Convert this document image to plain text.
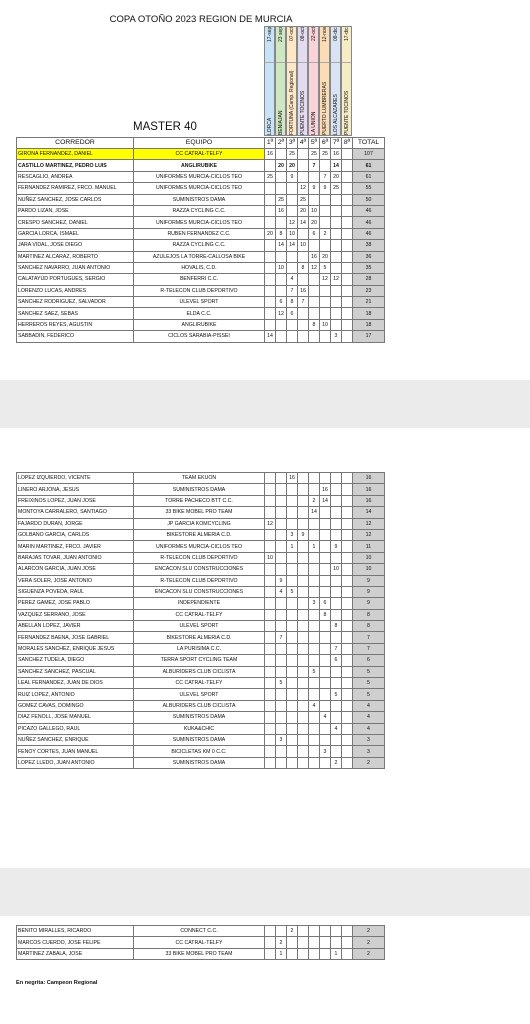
COPA OTOÑO 2023 REGION DE MURCIA
17-sep
LORCA
23 sep
BENIAJAN
07-oct
FORTUNA (Camp. Regional)
08-oct
PUENTE TOCINOS
22-oct
LA UNION
12-nov
PUERTO LUMBRERAS
08-dic
LOS ALCAZARES
17-dic
PUENTE TOCINOS
MASTER 40
CORREDOR	EQUIPO	1ª	2ª	3ª	4ª	5ª	6ª	7ª	8ª	TOTAL
GIRONA FERNANDEZ, DANIEL	CC CATRAL-TELFY	16		25		25	25	16		107
CASTILLO MARTINEZ, PEDRO LUIS	ANGLIRUBIKE		20	20		7		14		61
RESCAGLIO, ANDREA	UNIFORMES MURCIA-CICLOS TEO	25		9			7	20		61
FERNANDEZ RAMIREZ, FRCO. MANUEL	UNIFORMES MURCIA-CICLOS TEO				12	9	9	25		55
NUÑEZ SANCHEZ, JOSE CARLOS	SUMINISTROS DAMA		25		25					50
PARDO LIZAN, JOSE	RAZZA CYCLING C.C.		16		20	10				46
CRESPO SANCHEZ, DANIEL	UNIFORMES MURCIA-CICLOS TEO			12	14	20				46
GARCIA LORCA, ISMAEL	RUBEN FERNANDEZ C.C.	20	8	10		6	2			46
JARA VIDAL, JOSE DIEGO	RAZZA CYCLING C.C.		14	14	10					38
MARTINEZ ALCARAZ, ROBERTO	AZULEJOS LA TORRE-CALLOSA BIKE					16	20			36
SANCHEZ NAVARRO, JUAN ANTONIO	HOVALIS, C.D.		10		8	12	5			35
CALATAYUD PORTUGUES, SERGIO	BENFERRI C.C.			4			12	12		28
LORENZO LUCAS, ANDRES	R-TELECON CLUB DEPORTIVO			7	16					23
SANCHEZ RODRIGUEZ, SALVADOR	ULEVEL SPORT		6	8	7					21
SANCHEZ SAEZ, SEBAS	ELDA C.C.		12	6						18
HERREROS REYES, AGUSTIN	ANGLIRUBIKE					8	10			18
SABBADIN, FEDERICO	CICLOS SARABIA-PISSEI	14						3		17
LOPEZ IZQUIERDO, VICENTE	TEAM EKUON			16						16
LINERO ARJONA, JESUS	SUMINISTROS DAMA						16			16
FREIXINOS LOPEZ, JUAN JOSE	TORRE PACHECO BTT C.C.					2	14			16
MONTOYA CARRALERO, SANTIAGO	33 BIKE MOBEL PRO TEAM					14				14
FAJARDO DURAN, JORGE	JP GARCIA KOMCYCLING	12								12
GOLBANO GARCIA, CARLOS	BIKESTORE ALMERIA C.D.			3	9					12
MARIN MARTINEZ, FRCO. JAVIER	UNIFORMES MURCIA-CICLOS TEO			1		1		9		11
BARAJAS TOVAR, JUAN ANTONIO	R-TELECON CLUB DEPORTIVO	10								10
ALARCON GARCIA, JUAN JOSE	ENCACON SLU CONSTRUCCIONES							10		10
VERA SOLER, JOSE ANTONIO	R-TELECON CLUB DEPORTIVO		9							9
SIGUENZA POVEDA, RAUL	ENCACON SLU CONSTRUCCIONES		4	5						9
PEREZ GAMEZ, JOSE PABLO	INDEPENDIENTE					3	6			9
VAZQUEZ SERRANO, JOSE	CC CATRAL-TELFY						8			8
ABELLAN LOPEZ, JAVIER	ULEVEL SPORT							8		8
FERNANDEZ BAENA, JOSE GABRIEL	BIKESTORE ALMERIA C.D.		7							7
MORALES SANCHEZ, ENRIQUE JESUS	LA PURISIMA C.C.							7		7
SANCHEZ TUDELA, DIEGO	TERRA SPORT CYCLING TEAM							6		6
SANCHEZ SANCHEZ, PASCUAL	ALBURIDERS CLUB CICLISTA					5				5
LEAL FERNANDEZ, JUAN DE DIOS	CC CATRAL-TELFY		5							5
RUIZ LOPEZ, ANTONIO	ULEVEL SPORT							5		5
GOMEZ CAVAS, DOMINGO	ALBURIDERS CLUB CICLISTA					4				4
DIAZ FENOLL, JOSE MANUEL	SUMINISTROS DAMA						4			4
PICAZO GALLEGO, RAUL	KUKA&CHIC							4		4
NUÑEZ SANCHEZ, ENRIQUE	SUMINISTROS DAMA		3							3
FENOY CORTES, JUAN MANUEL	BICICLETAS KM 0 C.C.						3			3
LOPEZ LLEDO, JUAN ANTONIO	SUMINISTROS DAMA							2		2
BENITO MIRALLES, RICARDO	CONNECT C.C.			2						2
MARCOS CUERDO, JOSE FELIPE	CC CATRAL-TELFY		2							2
MARTINEZ ZABALA, JOSE	33 BIKE MOBEL PRO TEAM		1					1		2
En negrita: Campeon Regional
